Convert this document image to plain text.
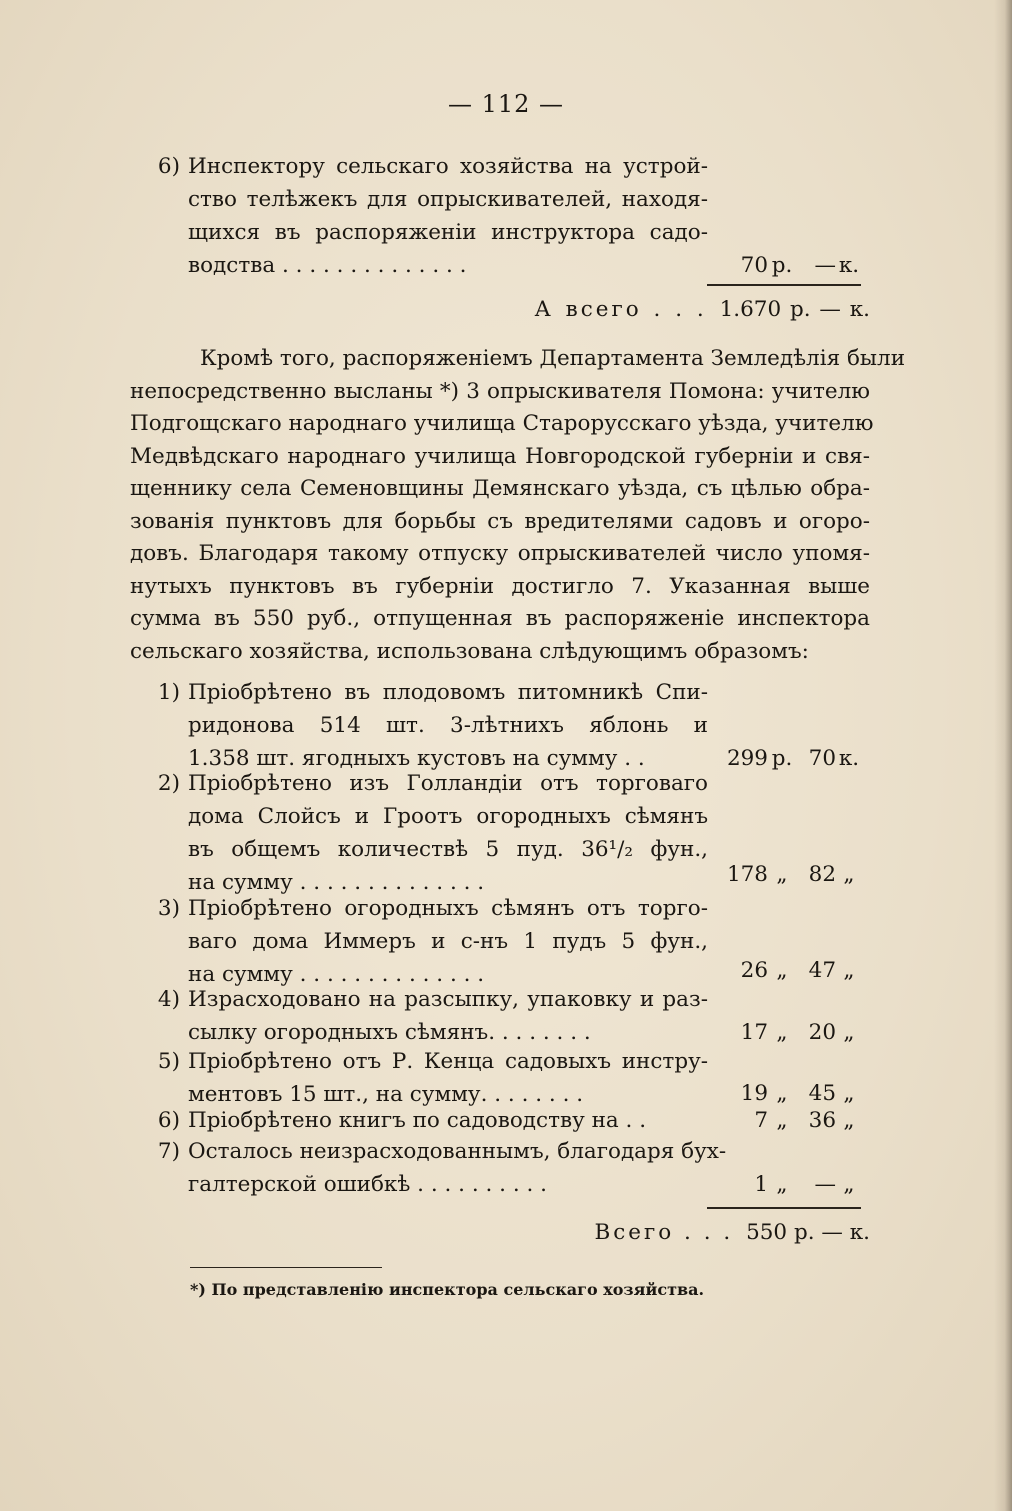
— 112 —
6) Инспектору сельскаго хозяйства на устрой-
ство телѣжекъ для опрыскивателей, находя-
щихся въ распоряженіи инструктора садо-
водства . . . . . . . . . . . . . .	70 р. — к.
А всего . . . 1.670 р. — к.
Кромѣ того, распоряженіемъ Департамента Земледѣлія были
непосредственно высланы *) 3 опрыскивателя Помона: учителю
Подгощскаго народнаго училища Старорусскаго уѣзда, учителю
Медвѣдскаго народнаго училища Новгородской губерніи и свя-
щеннику села Семеновщины Демянскаго уѣзда, съ цѣлью обра-
зованія пунктовъ для борьбы съ вредителями садовъ и огоро-
довъ. Благодаря такому отпуску опрыскивателей число упомя-
нутыхъ пунктовъ въ губерніи достигло 7. Указанная выше
сумма въ 550 руб., отпущенная въ распоряженіе инспектора
сельскаго хозяйства, использована слѣдующимъ образомъ:
1) Пріобрѣтено въ плодовомъ питомникѣ Спи-
ридонова 514 шт. 3-лѣтнихъ яблонь и
1.358 шт. ягодныхъ кустовъ на сумму . .	299 р. 70 к.
2) Пріобрѣтено изъ Голландіи отъ торговаго
дома Слойсъ и Гроотъ огородныхъ сѣмянъ
въ общемъ количествѣ 5 пуд. 36¹/₂ фун.,
на сумму . . . . . . . . . . . . . .	178 „ 82 „
3) Пріобрѣтено огородныхъ сѣмянъ отъ торго-
ваго дома Иммеръ и с-нъ 1 пудъ 5 фун.,
на сумму . . . . . . . . . . . . . .	26 „ 47 „
4) Израсходовано на разсыпку, упаковку и раз-
сылку огородныхъ сѣмянъ. . . . . . . .	17 „ 20 „
5) Пріобрѣтено отъ Р. Кенца садовыхъ инстру-
ментовъ 15 шт., на сумму. . . . . . . .	19 „ 45 „
6) Пріобрѣтено книгъ по садоводству на . .	7 „ 36 „
7) Осталось неизрасходованнымъ, благодаря бух-
галтерской ошибкѣ . . . . . . . . . .	1 „ — „
Всего . . . 550 р. — к.
*) По представленію инспектора сельскаго хозяйства.
